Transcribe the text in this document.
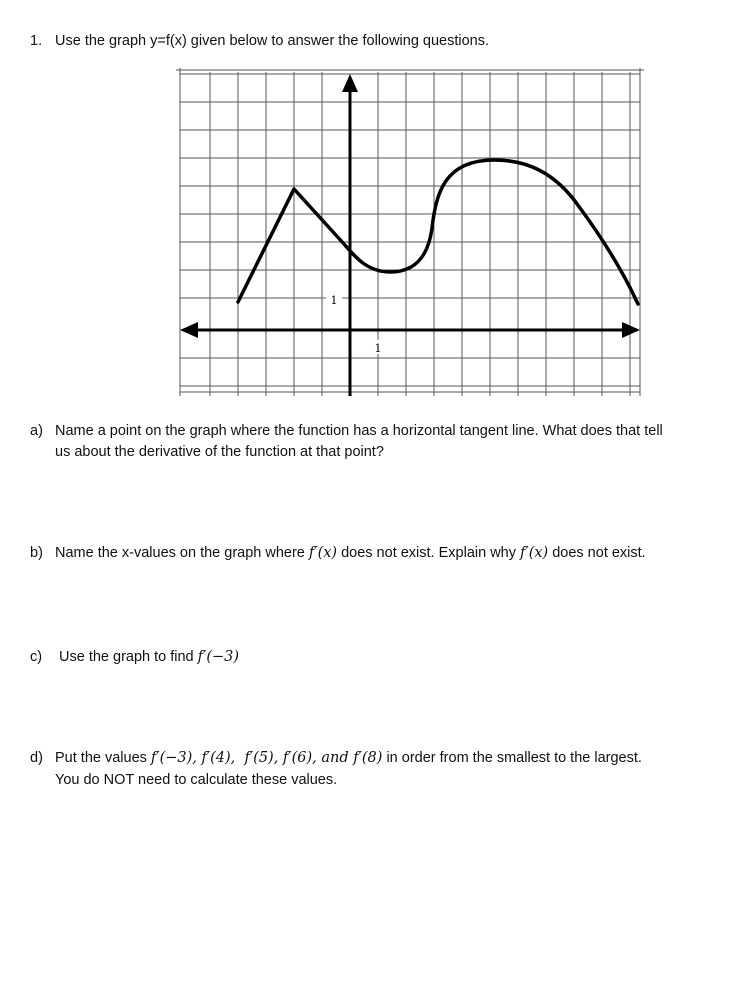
1. Use the graph y=f(x) given below to answer the following questions.
1
1
a) Name a point on the graph where the function has a horizontal tangent line. What does that tell
us about the derivative of the function at that point?
b) Name the x-values on the graph where f′(x) does not exist. Explain why f′(x) does not exist.
c) Use the graph to find f′(−3)
d) Put the values f′(−3), f′(4),  f′(5), f′(6), and f′(8) in order from the smallest to the largest.
You do NOT need to calculate these values.
